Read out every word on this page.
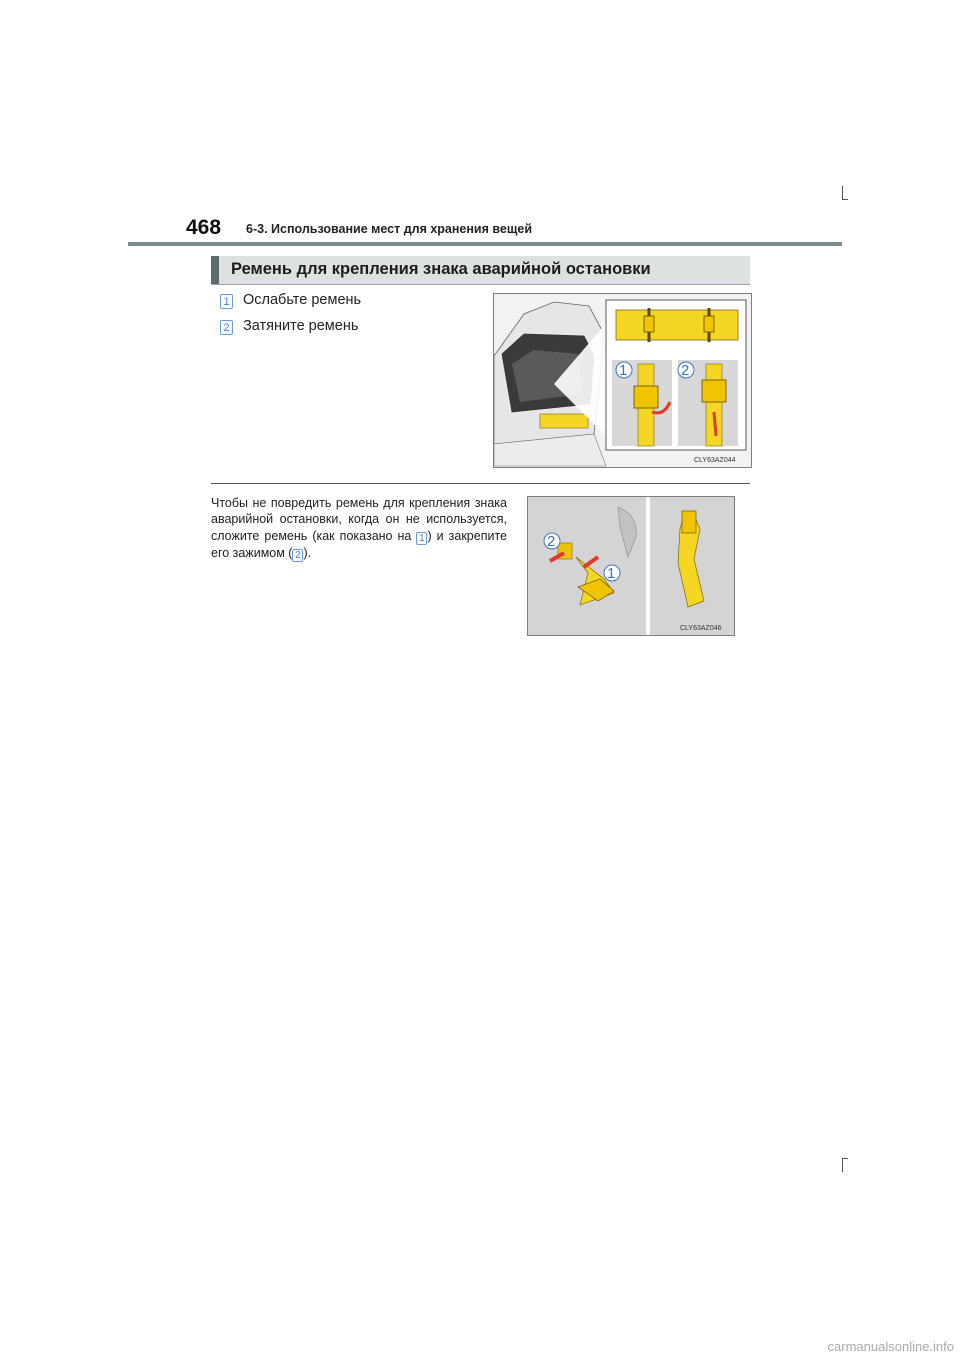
468 6-3. Использование мест для хранения вещей
Ремень для крепления знака аварийной остановки
1 Ослабьте ремень
2 Затяните ремень
1	2
CLY63AZ044
Чтобы не повредить ремень для крепления знака аварийной остановки, когда он не используется, сложите ремень (как показано на 1 ) и закрепите его зажимом ( 2 ).
2
1
CLY63AZ046
carmanualsonline.info
